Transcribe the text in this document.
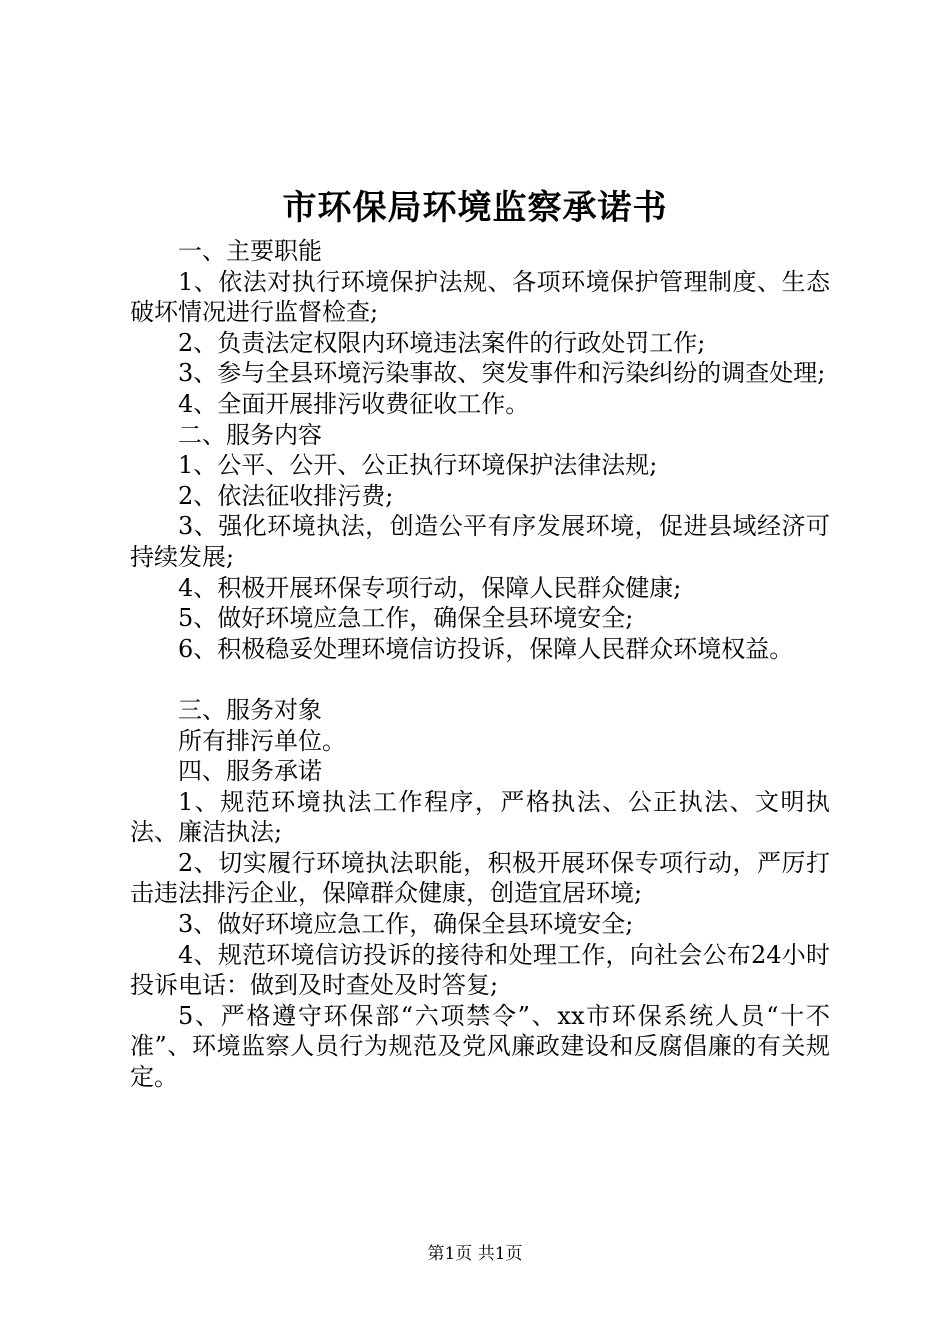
市环保局环境监察承诺书

一、主要职能

1、依法对执行环境保护法规、各项环境保护管理制度、生态破坏情况进行监督检查;

2、负责法定权限内环境违法案件的行政处罚工作;

3、参与全县环境污染事故、突发事件和污染纠纷的调查处理;

4、全面开展排污收费征收工作。

二、服务内容

1、公平、公开、公正执行环境保护法律法规;

2、依法征收排污费;

3、强化环境执法，创造公平有序发展环境，促进县域经济可持续发展;

4、积极开展环保专项行动，保障人民群众健康;

5、做好环境应急工作，确保全县环境安全;

6、积极稳妥处理环境信访投诉，保障人民群众环境权益。

三、服务对象

所有排污单位。

四、服务承诺

1、规范环境执法工作程序，严格执法、公正执法、文明执法、廉洁执法;

2、切实履行环境执法职能，积极开展环保专项行动，严厉打击违法排污企业，保障群众健康，创造宜居环境;

3、做好环境应急工作，确保全县环境安全;

4、规范环境信访投诉的接待和处理工作，向社会公布24小时投诉电话：做到及时查处及时答复;

5、严格遵守环保部“六项禁令”、xx市环保系统人员“十不准”、环境监察人员行为规范及党风廉政建设和反腐倡廉的有关规定。

第1页 共1页
